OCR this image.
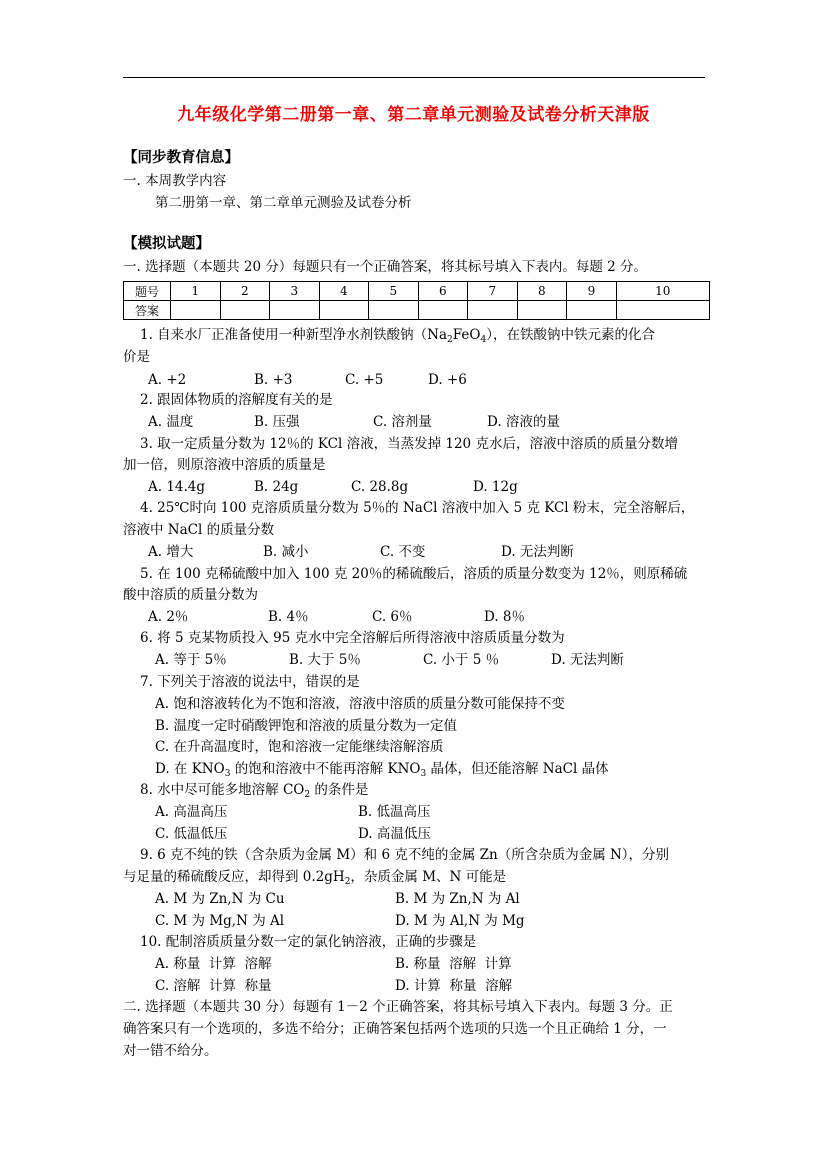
九年级化学第二册第一章、第二章单元测验及试卷分析天津版
【同步教育信息】
一. 本周教学内容
第二册第一章、第二章单元测验及试卷分析
【模拟试题】
一. 选择题（本题共 20 分）每题只有一个正确答案，将其标号填入下表内。每题 2 分。
题号	1	2	3	4	5	6	7	8	9	10
答案										
1. 自来水厂正准备使用一种新型净水剂铁酸钠$(Na_2FeO_4)$，在铁酸钠中铁元素的化合
价是
A. +2	B. +3	C. +5	D. +6
2. 跟固体物质的溶解度有关的是
A. 温度	B. 压强	C. 溶剂量	D. 溶液的量
3. 取一定质量分数为 12％的 KCl 溶液，当蒸发掉 120 克水后，溶液中溶质的质量分数增
加一倍，则原溶液中溶质的质量是
A. 14.4g	B. 24g	C. 28.8g	D. 12g
4. 25℃时向 100 克溶质质量分数为 5％的 NaCl 溶液中加入 5 克 KCl 粉末，完全溶解后，
溶液中 NaCl 的质量分数
A. 增大	B. 减小	C. 不变	D. 无法判断
5. 在 100 克稀硫酸中加入 100 克 20％的稀硫酸后，溶质的质量分数变为 12％，则原稀硫
酸中溶质的质量分数为
A. 2％	B. 4％	C. 6％	D. 8％
6. 将 5 克某物质投入 95 克水中完全溶解后所得溶液中溶质质量分数为
A. 等于 5％	B. 大于 5％	C. 小于 5 ％	D. 无法判断
7. 下列关于溶液的说法中，错误的是
A. 饱和溶液转化为不饱和溶液，溶液中溶质的质量分数可能保持不变
B. 温度一定时硝酸钾饱和溶液的质量分数为一定值
C. 在升高温度时，饱和溶液一定能继续溶解溶质
D. 在 $KNO_3$ 的饱和溶液中不能再溶解 $KNO_3$ 晶体，但还能溶解 NaCl 晶体
8. 水中尽可能多地溶解 $CO_2$ 的条件是
A. 高温高压	B. 低温高压
C. 低温低压	D. 高温低压
9. 6 克不纯的铁（含杂质为金属 M）和 6 克不纯的金属 Zn（所含杂质为金属 N），分别
与足量的稀硫酸反应，却得到 $0.2gH_2$，杂质金属 M、N 可能是
A. M 为 Zn,N 为 Cu	B. M 为 Zn,N 为 Al
C. M 为 Mg,N 为 Al	D. M 为 Al,N 为 Mg
10. 配制溶质质量分数一定的氯化钠溶液，正确的步骤是
A. 称量  计算  溶解	B. 称量  溶解  计算
C. 溶解  计算  称量	D. 计算  称量  溶解
二. 选择题（本题共 30 分）每题有 1－2 个正确答案，将其标号填入下表内。每题 3 分。正
确答案只有一个选项的，多选不给分；正确答案包括两个选项的只选一个且正确给 1 分，一
对一错不给分。
